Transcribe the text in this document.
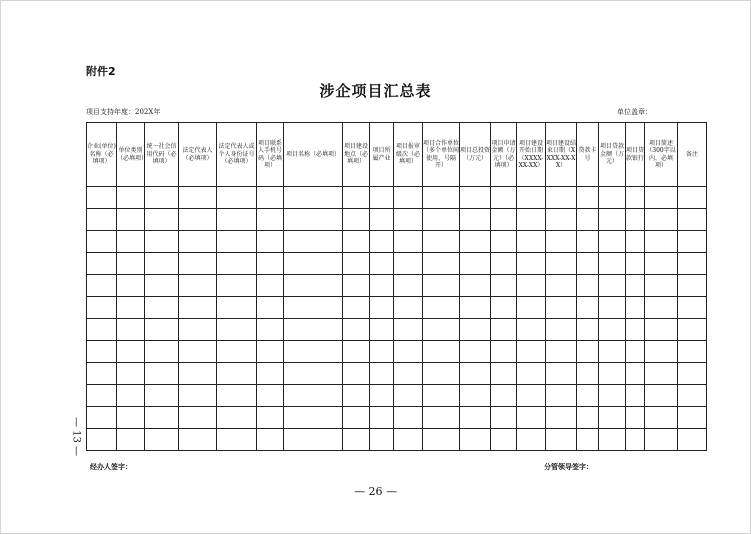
附件2
涉企项目汇总表
项目支持年度：202X年	单位盖章：
企业(单位)名称（必填项）	单位类别（必填项）	统一社会信用代码（必填项）	法定代表人（必填项）	法定代表人或个人身份证号（必填项）	项目联系人手机号码（必填项）	项目名称（必填项）	项目建设地点（必填项）	项目所属产业	项目报审级次（必填项）	项目合作单位（多个单位间使用、号隔开）	项目总投资（万元）	项目申请金额（万元）（必填项）	项目建设开始日期（XXXX-XX-XX）	项目建设结束日期（XXXX-XX-XX）	贷款卡号	项目贷款金额（万元）	项目贷款银行	项目简述（300字以内，必填项）	备注

经办人签字：	分管领导签字：
— 26 —
— 13 —
